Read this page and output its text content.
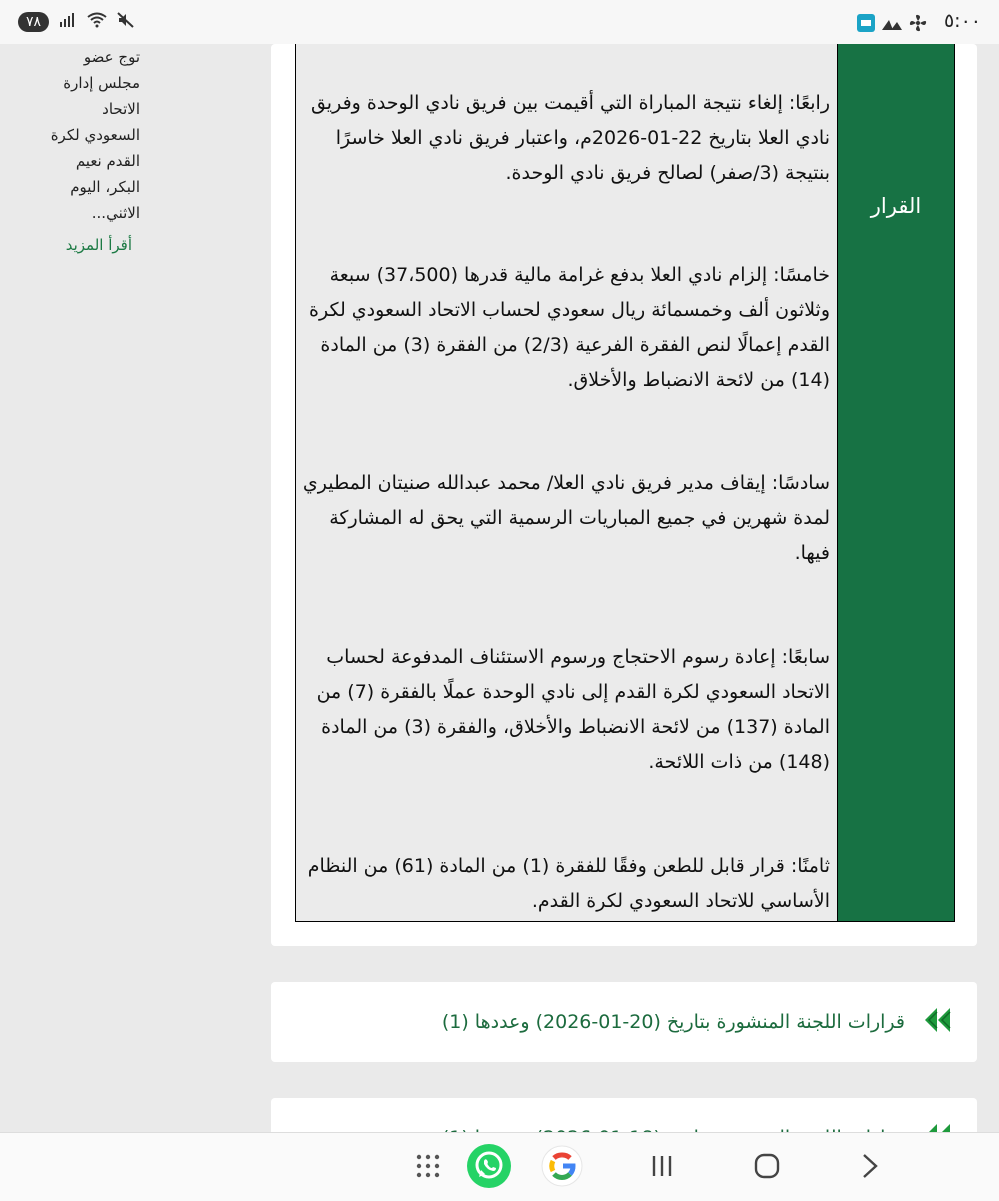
٧٨	٥:٠٠
توج عضو
مجلس إدارة
الاتحاد
السعودي لكرة
القدم نعيم
البكر، اليوم
الاثني...
أقرأ المزيد
القرار

رابعًا: إلغاء نتيجة المباراة التي أقيمت بين فريق نادي الوحدة وفريق نادي العلا بتاريخ 22-01-2026م، واعتبار فريق نادي العلا خاسرًا بنتيجة (3/صفر) لصالح فريق نادي الوحدة.

خامسًا: إلزام نادي العلا بدفع غرامة مالية قدرها (37،500) سبعة وثلاثون ألف وخمسمائة ريال سعودي لحساب الاتحاد السعودي لكرة القدم إعمالًا لنص الفقرة الفرعية (2/3) من الفقرة (3) من المادة (14) من لائحة الانضباط والأخلاق.

سادسًا: إيقاف مدير فريق نادي العلا/ محمد عبدالله صنيتان المطيري لمدة شهرين في جميع المباريات الرسمية التي يحق له المشاركة فيها.

سابعًا: إعادة رسوم الاحتجاج ورسوم الاستئناف المدفوعة لحساب الاتحاد السعودي لكرة القدم إلى نادي الوحدة عملًا بالفقرة (7) من المادة (137) من لائحة الانضباط والأخلاق، والفقرة (3) من المادة (148) من ذات اللائحة.

ثامنًا: قرار قابل للطعن وفقًا للفقرة (1) من المادة (61) من النظام الأساسي للاتحاد السعودي لكرة القدم.

قرارات اللجنة المنشورة بتاريخ (20-01-2026) وعددها (1)
